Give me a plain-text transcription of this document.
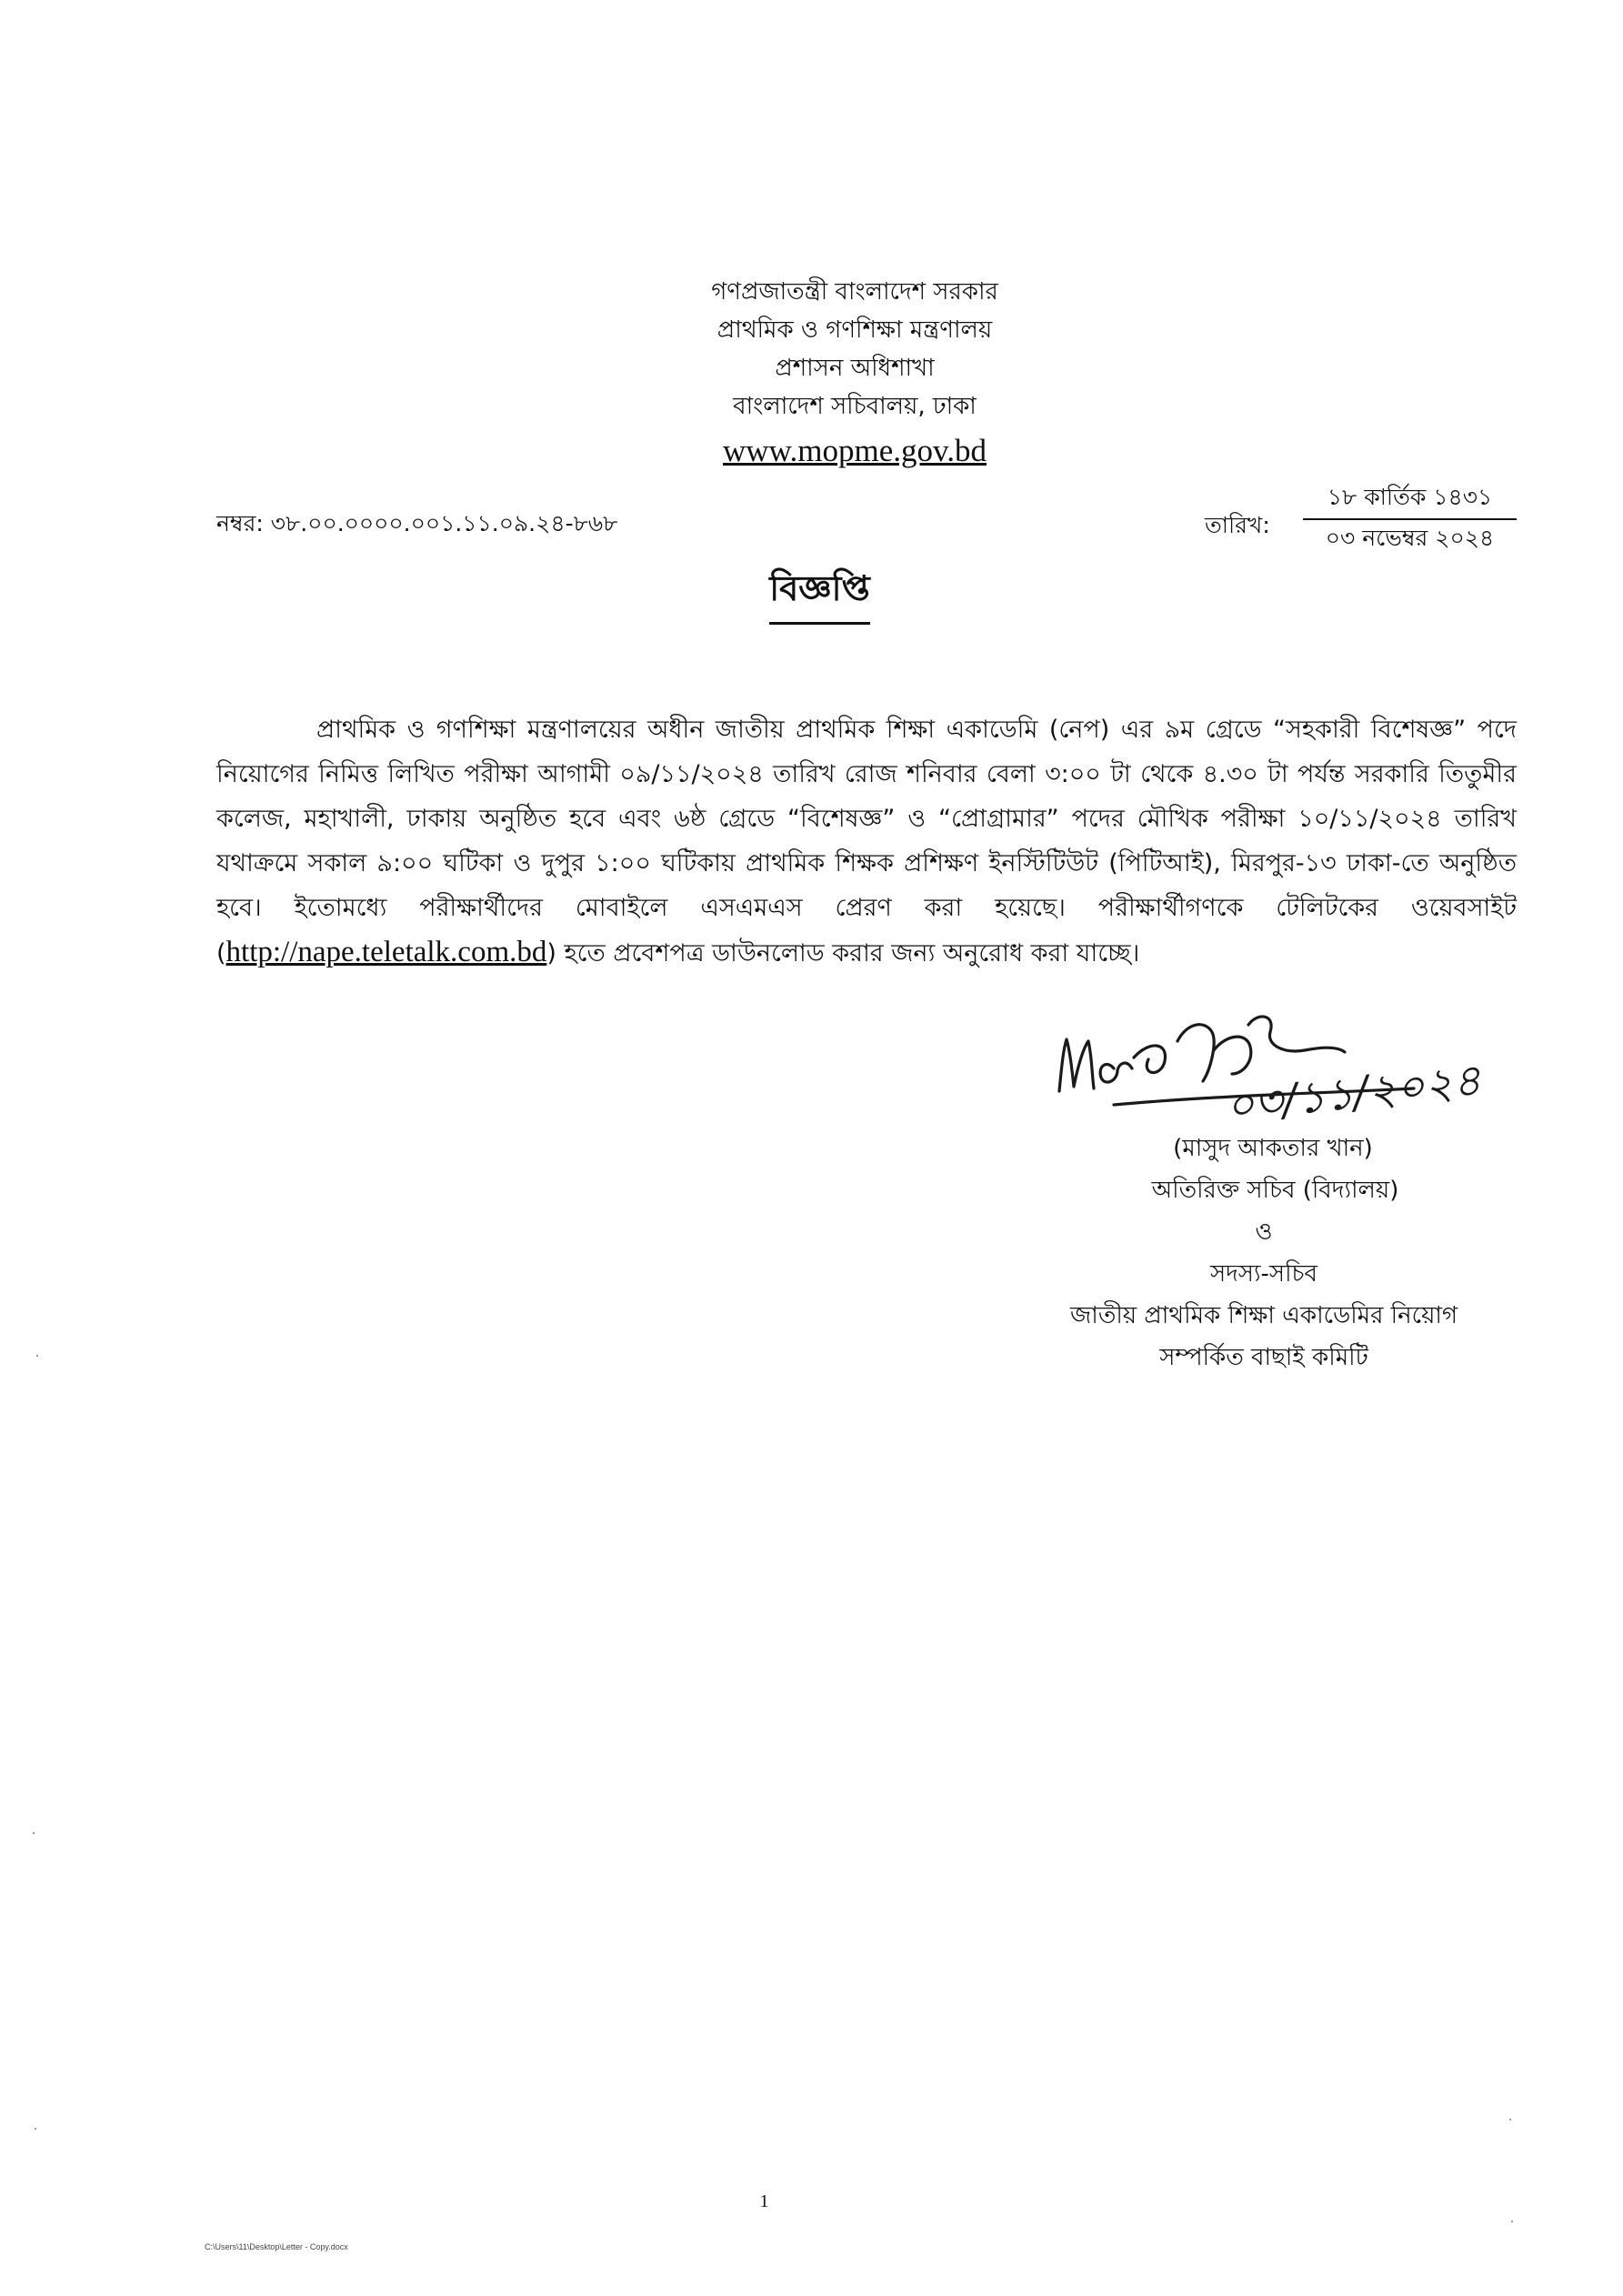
গণপ্রজাতন্ত্রী বাংলাদেশ সরকার
প্রাথমিক ও গণশিক্ষা মন্ত্রণালয়
প্রশাসন অধিশাখা
বাংলাদেশ সচিবালয়, ঢাকা
www.mopme.gov.bd
নম্বর: ৩৮.০০.০০০০.০০১.১১.০৯.২৪-৮৬৮	তারিখ:
১৮ কার্তিক ১৪৩১
০৩ নভেম্বর ২০২৪
বিজ্ঞপ্তি
প্রাথমিক ও গণশিক্ষা মন্ত্রণালয়ের অধীন জাতীয় প্রাথমিক শিক্ষা একাডেমি (নেপ) এর ৯ম গ্রেডে “সহকারী বিশেষজ্ঞ” পদে নিয়োগের নিমিত্ত লিখিত পরীক্ষা আগামী ০৯/১১/২০২৪ তারিখ রোজ শনিবার বেলা ৩:০০ টা থেকে ৪.৩০ টা পর্যন্ত সরকারি তিতুমীর কলেজ, মহাখালী, ঢাকায় অনুষ্ঠিত হবে এবং ৬ষ্ঠ গ্রেডে “বিশেষজ্ঞ” ও “প্রোগ্রামার” পদের মৌখিক পরীক্ষা ১০/১১/২০২৪ তারিখ যথাক্রমে সকাল ৯:০০ ঘটিকা ও দুপুর ১:০০ ঘটিকায় প্রাথমিক শিক্ষক প্রশিক্ষণ ইনস্টিটিউট (পিটিআই), মিরপুর-১৩ ঢাকা-তে অনুষ্ঠিত হবে। ইতোমধ্যে পরীক্ষার্থীদের মোবাইলে এসএমএস প্রেরণ করা হয়েছে। পরীক্ষার্থীগণকে টেলিটকের ওয়েবসাইট (http://nape.teletalk.com.bd) হতে প্রবেশপত্র ডাউনলোড করার জন্য অনুরোধ করা যাচ্ছে।
০৩/১১/২০২৪
(মাসুদ আকতার খান)
অতিরিক্ত সচিব (বিদ্যালয়)
ও
সদস্য-সচিব
জাতীয় প্রাথমিক শিক্ষা একাডেমির নিয়োগ
সম্পর্কিত বাছাই কমিটি
1
C:\Users\11\Desktop\Letter - Copy.docx
